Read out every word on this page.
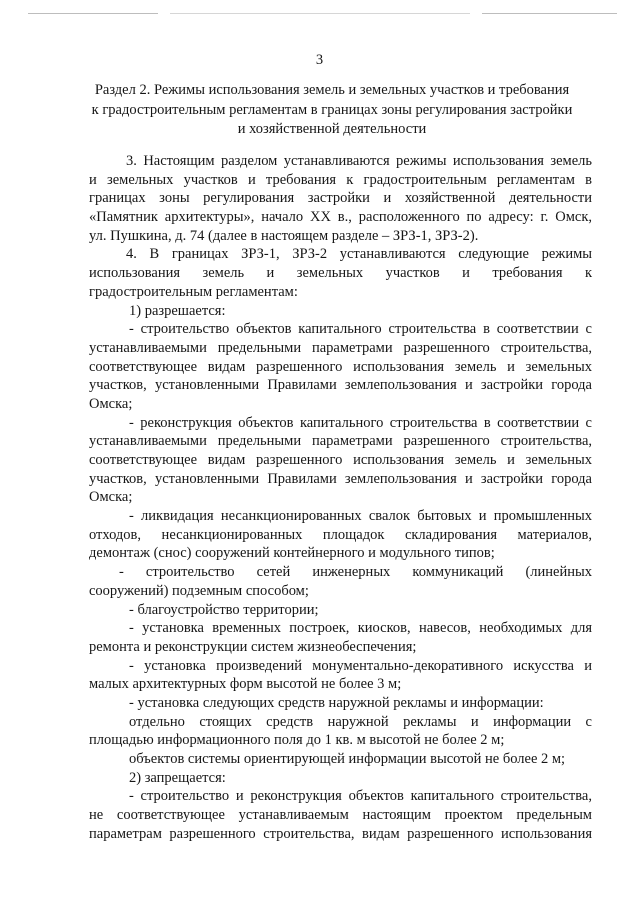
3
Раздел 2. Режимы использования земель и земельных участков и требования
к градостроительным регламентам в границах зоны регулирования застройки
и хозяйственной деятельности
3. Настоящим разделом устанавливаются режимы использования земель
и земельных участков и требования к градостроительным регламентам в
границах зоны регулирования застройки и хозяйственной деятельности
«Памятник архитектуры», начало XX в., расположенного по адресу: г. Омск,
ул. Пушкина, д. 74 (далее в настоящем разделе – ЗРЗ-1, ЗРЗ-2).
4. В границах ЗРЗ-1, ЗРЗ-2 устанавливаются следующие режимы
использования земель и земельных участков и требования к
градостроительным регламентам:
1) разрешается:
- строительство объектов капитального строительства в соответствии с
устанавливаемыми предельными параметрами разрешенного строительства,
соответствующее видам разрешенного использования земель и земельных
участков, установленными Правилами землепользования и застройки города
Омска;
- реконструкция объектов капитального строительства в соответствии с
устанавливаемыми предельными параметрами разрешенного строительства,
соответствующее видам разрешенного использования земель и земельных
участков, установленными Правилами землепользования и застройки города
Омска;
- ликвидация несанкционированных свалок бытовых и промышленных
отходов, несанкционированных площадок складирования материалов,
демонтаж (снос) сооружений контейнерного и модульного типов;
- строительство сетей инженерных коммуникаций (линейных
сооружений) подземным способом;
- благоустройство территории;
- установка временных построек, киосков, навесов, необходимых для
ремонта и реконструкции систем жизнеобеспечения;
- установка произведений монументально-декоративного искусства и
малых архитектурных форм высотой не более 3 м;
- установка следующих средств наружной рекламы и информации:
отдельно стоящих средств наружной рекламы и информации с
площадью информационного поля до 1 кв. м высотой не более 2 м;
объектов системы ориентирующей информации высотой не более 2 м;
2) запрещается:
- строительство и реконструкция объектов капитального строительства,
не соответствующее устанавливаемым настоящим проектом предельным
параметрам разрешенного строительства, видам разрешенного использования
